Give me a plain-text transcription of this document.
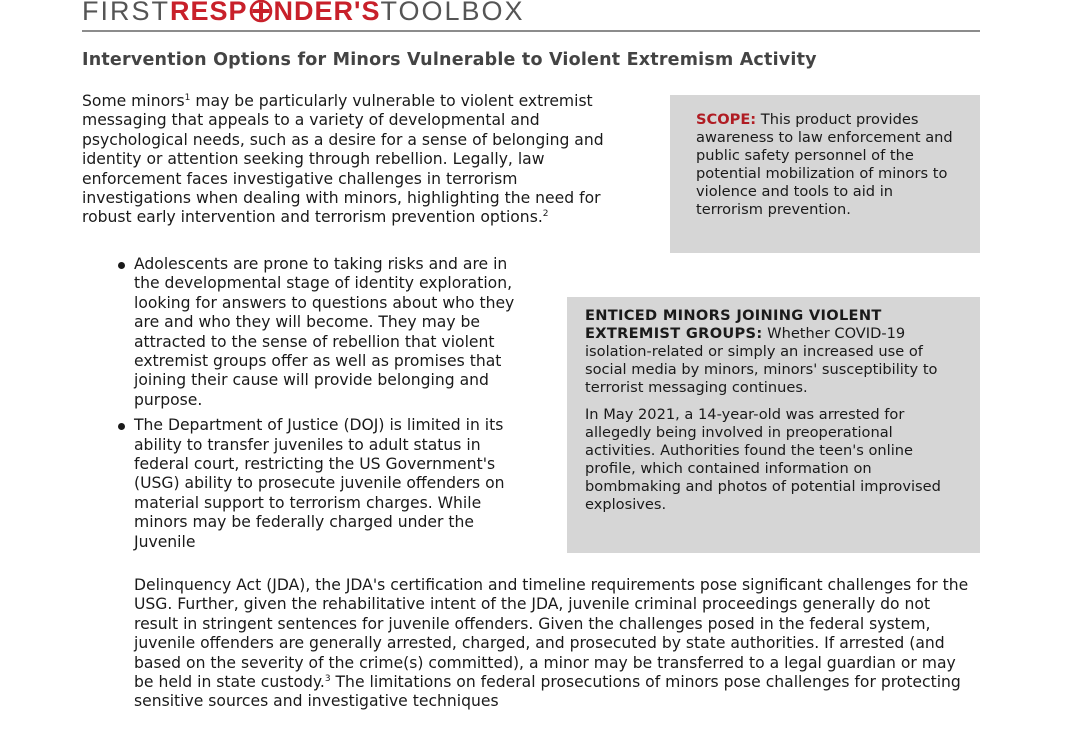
FIRSTRESP NDER'STOOLBOX
Intervention Options for Minors Vulnerable to Violent Extremism Activity
Some minors$^1$ may be particularly vulnerable to violent extremist messaging that appeals to a variety of developmental and psychological needs, such as a desire for a sense of belonging and identity or attention seeking through rebellion. Legally, law enforcement faces investigative challenges in terrorism investigations when dealing with minors, highlighting the need for robust early intervention and terrorism prevention options.$^2$
Adolescents are prone to taking risks and are in the developmental stage of identity exploration, looking for answers to questions about who they are and who they will become. They may be attracted to the sense of rebellion that violent extremist groups offer as well as promises that joining their cause will provide belonging and purpose.
The Department of Justice (DOJ) is limited in its ability to transfer juveniles to adult status in federal court, restricting the US Government's (USG) ability to prosecute juvenile offenders on material support to terrorism charges. While minors may be federally charged under the Juvenile
Delinquency Act (JDA), the JDA's certification and timeline requirements pose significant challenges for the USG. Further, given the rehabilitative intent of the JDA, juvenile criminal proceedings generally do not result in stringent sentences for juvenile offenders. Given the challenges posed in the federal system, juvenile offenders are generally arrested, charged, and prosecuted by state authorities. If arrested (and based on the severity of the crime(s) committed), a minor may be transferred to a legal guardian or may be held in state custody.$^3$ The limitations on federal prosecutions of minors pose challenges for protecting sensitive sources and investigative techniques
SCOPE: This product provides awareness to law enforcement and public safety personnel of the potential mobilization of minors to violence and tools to aid in terrorism prevention.

ENTICED MINORS JOINING VIOLENT EXTREMIST GROUPS: Whether COVID-19 isolation-related or simply an increased use of social media by minors, minors' susceptibility to terrorist messaging continues.

In May 2021, a 14-year-old was arrested for allegedly being involved in preoperational activities. Authorities found the teen's online profile, which contained information on bombmaking and photos of potential improvised explosives.
